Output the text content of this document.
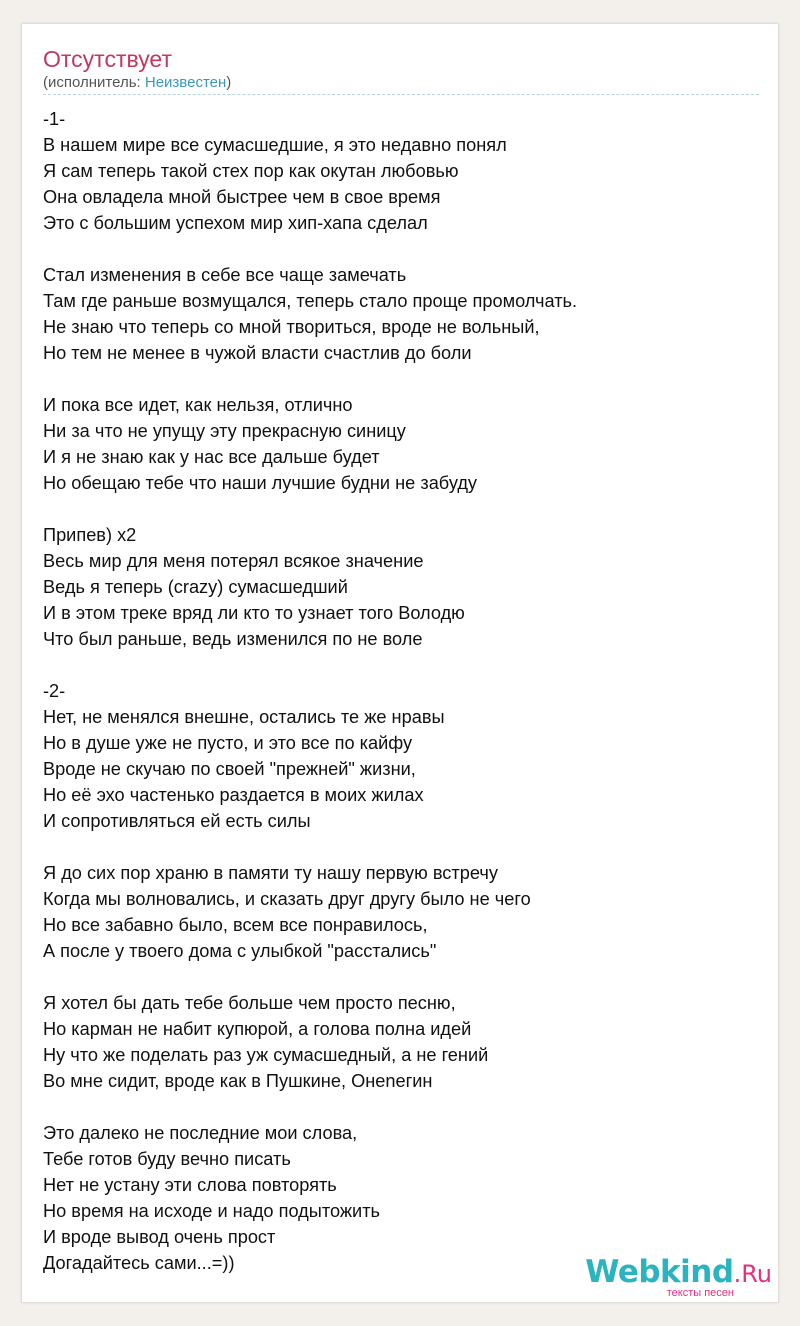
Отсутствует
(исполнитель: Неизвестен)
-1-
В нашем мире все сумасшедшие, я это недавно понял
Я сам теперь такой стех пор как окутан любовью
Она овладела мной быстрее чем в свое время
Это с большим успехом мир хип-хапа сделал
Стал изменения в себе все чаще замечать
Там где раньше возмущался, теперь стало проще промолчать.
Не знаю что теперь со мной твориться, вроде не вольный,
Но тем не менее в чужой власти счастлив до боли
И пока все идет, как нельзя, отлично
Ни за что не упущу эту прекрасную синицу
И я не знаю как у нас все дальше будет
Но обещаю тебе что наши лучшие будни не забуду
Припев) х2
Весь мир для меня потерял всякое значение
Ведь я теперь (crazy) сумасшедший
И в этом треке вряд ли кто то узнает того Володю
Что был раньше, ведь изменился по не воле
-2-
Нет, не менялся внешне, остались те же нравы
Но в душе уже не пусто, и это все по кайфу
Вроде не скучаю по своей "прежней" жизни,
Но её эхо частенько раздается в моих жилах
И сопротивляться ей есть силы
Я до сих пор храню в памяти ту нашу первую встречу
Когда мы волновались, и сказать друг другу было не чего
Но все забавно было, всем все понравилось,
А после у твоего дома с улыбкой "расстались"
Я хотел бы дать тебе больше чем просто песню,
Но карман не набит купюрой, а голова полна идей
Ну что же поделать раз уж сумасшедный, а не гений
Во мне сидит, вроде как в Пушкине, Онenегин
Это далеко не последние мои слова,
Тебе готов буду вечно писать
Нет не устану эти слова повторять
Но время на исходе и надо подытожить
И вроде вывод очень прост
Догадайтесь сами...=))	Webkind.Ru
тексты песен
